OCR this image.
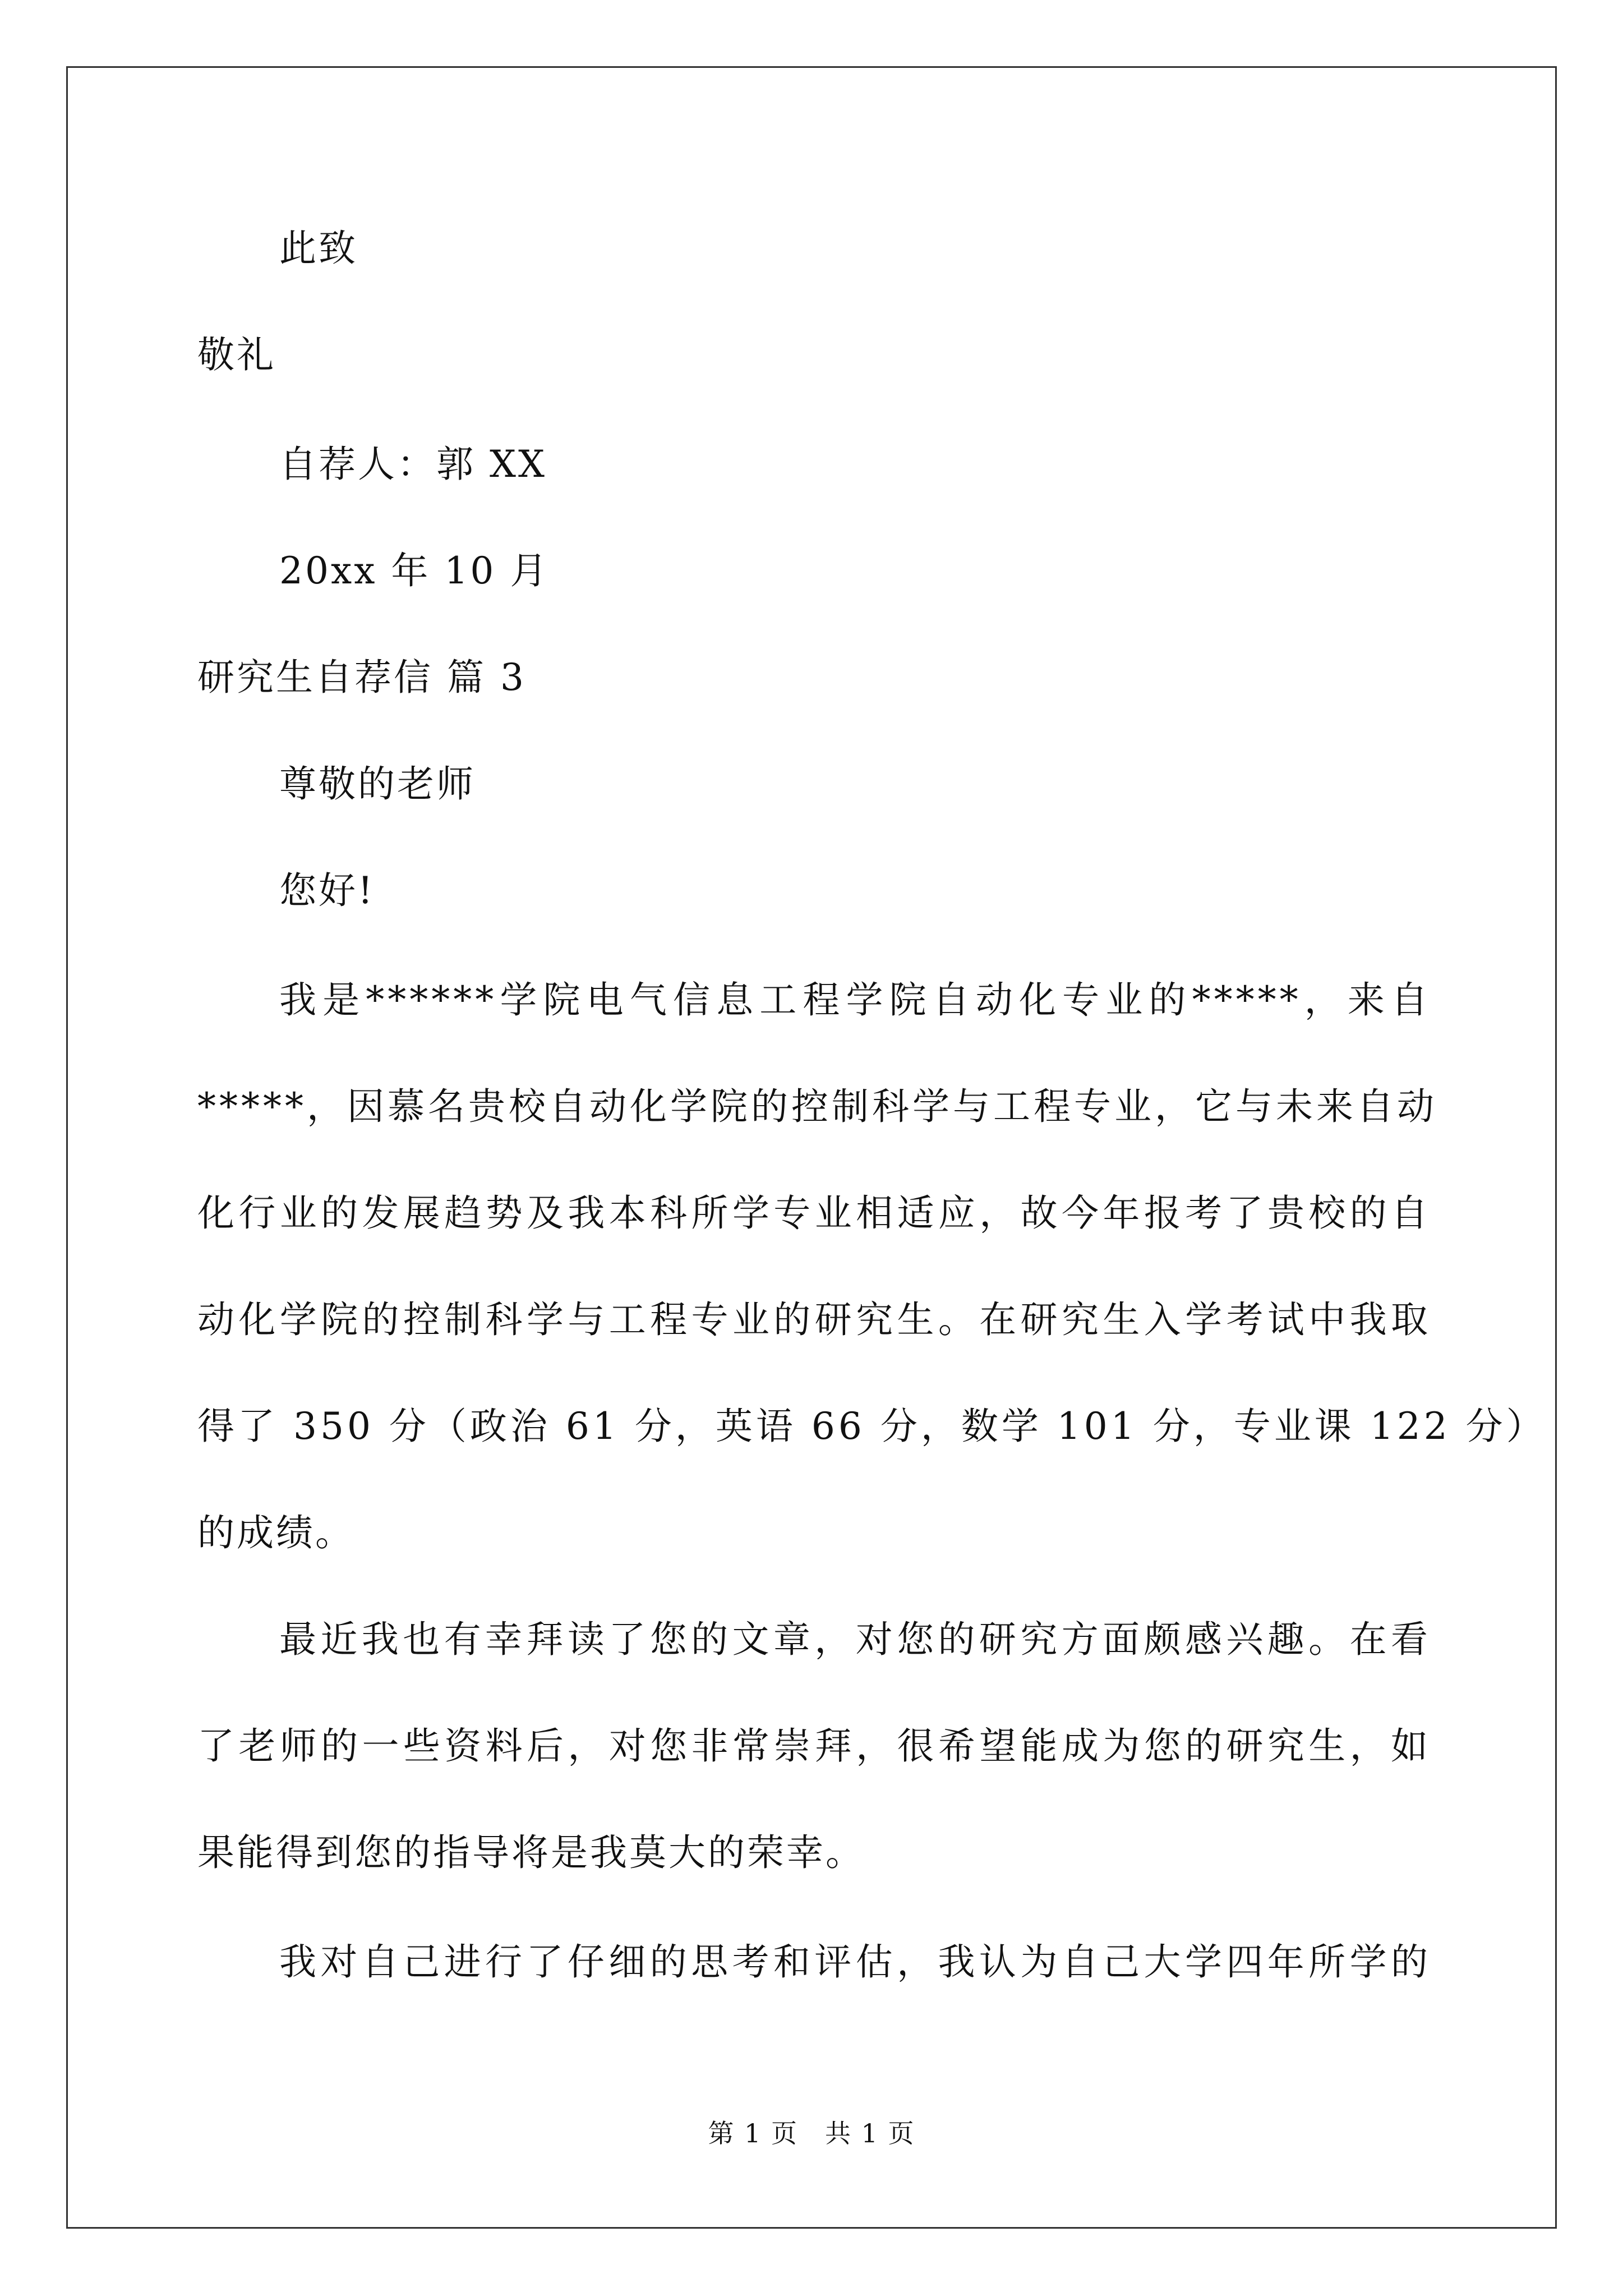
此致
敬礼
自荐人：郭 XX
20xx 年 10 月
研究生自荐信 篇 3
尊敬的老师
您好!
我是******学院电气信息工程学院自动化专业的*****，来自
*****，因慕名贵校自动化学院的控制科学与工程专业，它与未来自动
化行业的发展趋势及我本科所学专业相适应，故今年报考了贵校的自
动化学院的控制科学与工程专业的研究生。在研究生入学考试中我取
得了 350 分（政治 61 分，英语 66 分，数学 101 分，专业课 122 分）
的成绩。
最近我也有幸拜读了您的文章，对您的研究方面颇感兴趣。在看
了老师的一些资料后，对您非常崇拜，很希望能成为您的研究生，如
果能得到您的指导将是我莫大的荣幸。
我对自己进行了仔细的思考和评估，我认为自己大学四年所学的
第 1 页　共 1 页
